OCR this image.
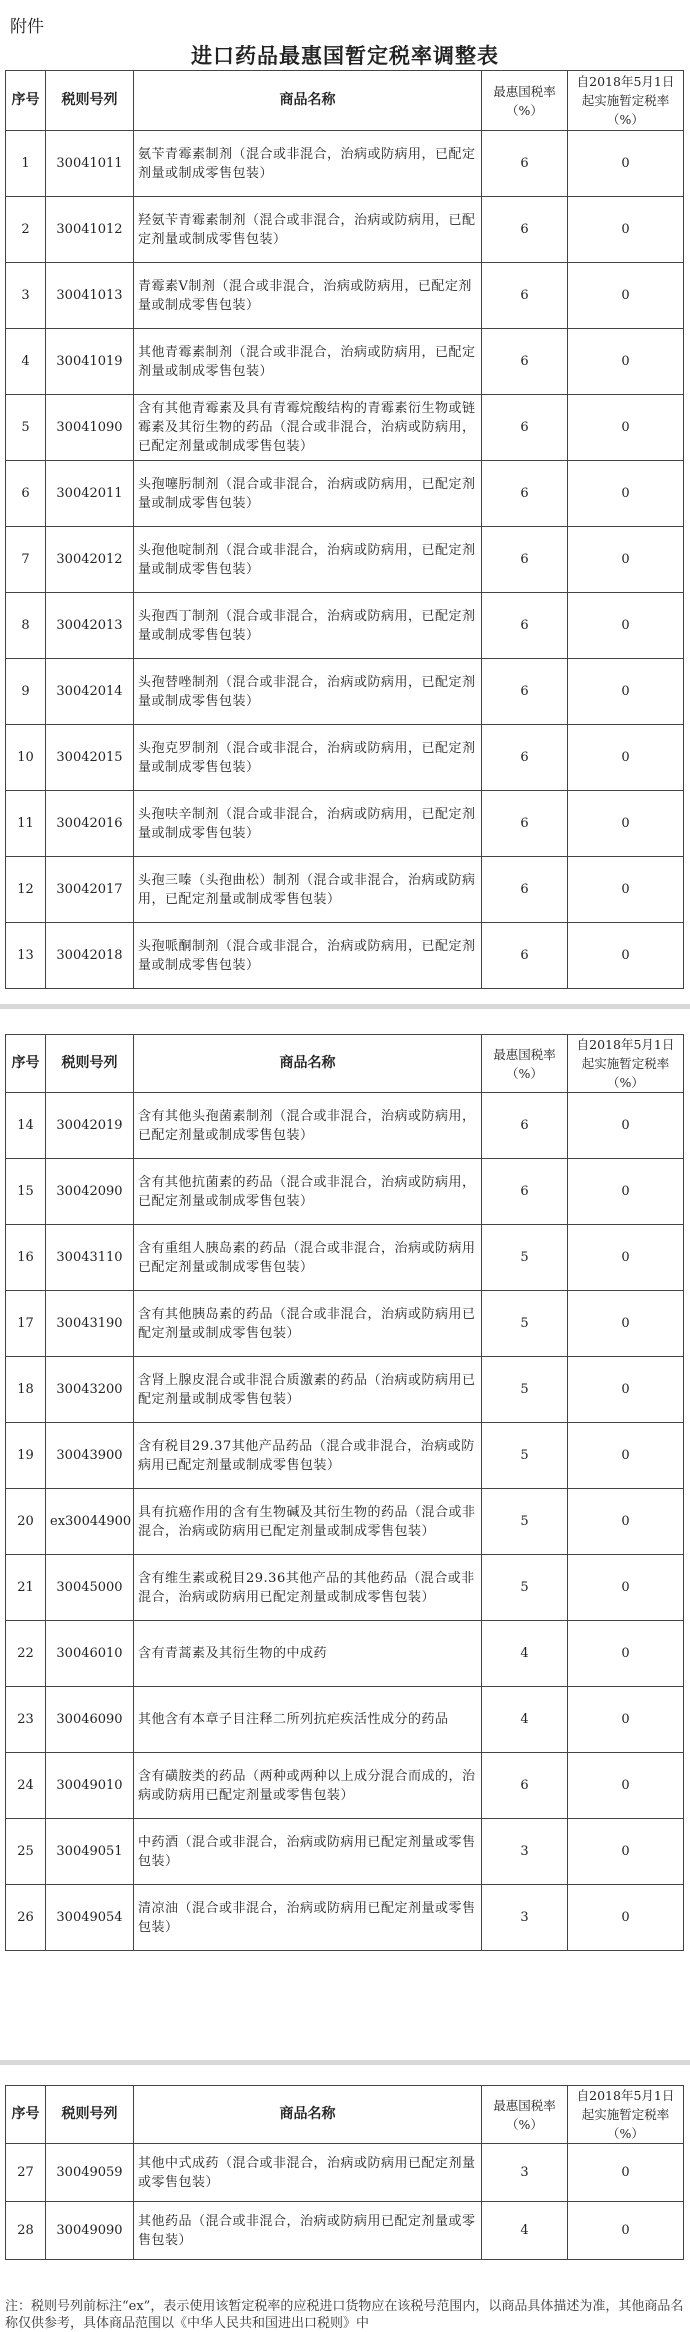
附件
进口药品最惠国暂定税率调整表
序号	税则号列	商品名称	最惠国税率（%）	自2018年5月1日起实施暂定税率（%）
1	30041011	氨苄青霉素制剂（混合或非混合，治病或防病用，已配定剂量或制成零售包装）	6	0
2	30041012	羟氨苄青霉素制剂（混合或非混合，治病或防病用，已配定剂量或制成零售包装）	6	0
3	30041013	青霉素V制剂（混合或非混合，治病或防病用，已配定剂量或制成零售包装）	6	0
4	30041019	其他青霉素制剂（混合或非混合，治病或防病用，已配定剂量或制成零售包装）	6	0
5	30041090	含有其他青霉素及具有青霉烷酸结构的青霉素衍生物或链霉素及其衍生物的药品（混合或非混合，治病或防病用，已配定剂量或制成零售包装）	6	0
6	30042011	头孢噻肟制剂（混合或非混合，治病或防病用，已配定剂量或制成零售包装）	6	0
7	30042012	头孢他啶制剂（混合或非混合，治病或防病用，已配定剂量或制成零售包装）	6	0
8	30042013	头孢西丁制剂（混合或非混合，治病或防病用，已配定剂量或制成零售包装）	6	0
9	30042014	头孢替唑制剂（混合或非混合，治病或防病用，已配定剂量或制成零售包装）	6	0
10	30042015	头孢克罗制剂（混合或非混合，治病或防病用，已配定剂量或制成零售包装）	6	0
11	30042016	头孢呋辛制剂（混合或非混合，治病或防病用，已配定剂量或制成零售包装）	6	0
12	30042017	头孢三嗪（头孢曲松）制剂（混合或非混合，治病或防病用，已配定剂量或制成零售包装）	6	0
13	30042018	头孢哌酮制剂（混合或非混合，治病或防病用，已配定剂量或制成零售包装）	6	0
序号	税则号列	商品名称	最惠国税率（%）	自2018年5月1日起实施暂定税率（%）
14	30042019	含有其他头孢菌素制剂（混合或非混合，治病或防病用，已配定剂量或制成零售包装）	6	0
15	30042090	含有其他抗菌素的药品（混合或非混合，治病或防病用，已配定剂量或制成零售包装）	6	0
16	30043110	含有重组人胰岛素的药品（混合或非混合，治病或防病用已配定剂量或制成零售包装）	5	0
17	30043190	含有其他胰岛素的药品（混合或非混合，治病或防病用已配定剂量或制成零售包装）	5	0
18	30043200	含肾上腺皮混合或非混合质激素的药品（治病或防病用已配定剂量或制成零售包装）	5	0
19	30043900	含有税目29.37其他产品药品（混合或非混合，治病或防病用已配定剂量或制成零售包装）	5	0
20	ex30044900	具有抗癌作用的含有生物碱及其衍生物的药品（混合或非混合，治病或防病用已配定剂量或制成零售包装）	5	0
21	30045000	含有维生素或税目29.36其他产品的其他药品（混合或非混合，治病或防病用已配定剂量或制成零售包装）	5	0
22	30046010	含有青蒿素及其衍生物的中成药	4	0
23	30046090	其他含有本章子目注释二所列抗疟疾活性成分的药品	4	0
24	30049010	含有磺胺类的药品（两种或两种以上成分混合而成的，治病或防病用已配定剂量或零售包装）	6	0
25	30049051	中药酒（混合或非混合，治病或防病用已配定剂量或零售包装）	3	0
26	30049054	清凉油（混合或非混合，治病或防病用已配定剂量或零售包装）	3	0
序号	税则号列	商品名称	最惠国税率（%）	自2018年5月1日起实施暂定税率（%）
27	30049059	其他中式成药（混合或非混合，治病或防病用已配定剂量或零售包装）	3	0
28	30049090	其他药品（混合或非混合，治病或防病用已配定剂量或零售包装）	4	0
注：税则号列前标注“ex”，表示使用该暂定税率的应税进口货物应在该税号范围内，以商品具体描述为准，其他商品名称仅供参考，具体商品范围以《中华人民共和国进出口税则》中
